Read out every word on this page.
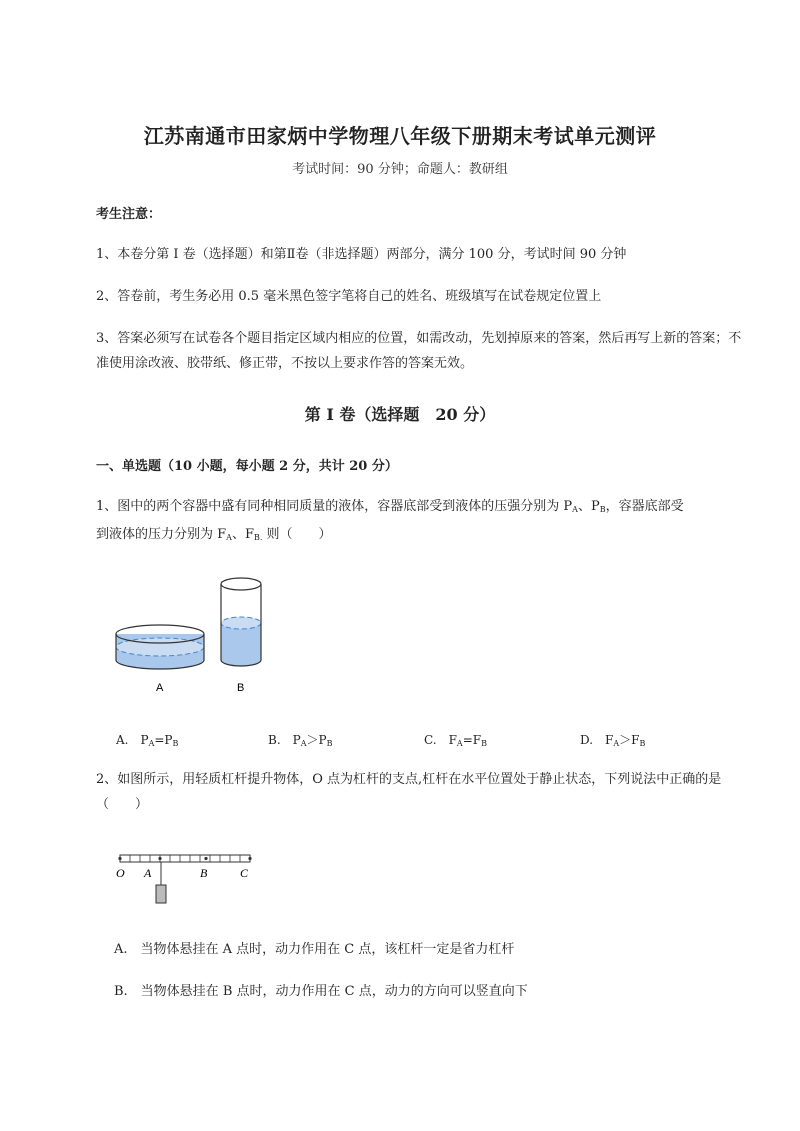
江苏南通市田家炳中学物理八年级下册期末考试单元测评
考试时间：90 分钟；命题人：教研组
考生注意：
1、本卷分第 I 卷（选择题）和第Ⅱ卷（非选择题）两部分，满分 100 分，考试时间 90 分钟
2、答卷前，考生务必用 0.5 毫米黑色签字笔将自己的姓名、班级填写在试卷规定位置上
3、答案必须写在试卷各个题目指定区域内相应的位置，如需改动，先划掉原来的答案，然后再写上新的答案；不准使用涂改液、胶带纸、修正带，不按以上要求作答的答案无效。
第 I 卷（选择题　20 分）
一、单选题（10 小题，每小题 2 分，共计 20 分）
1、图中的两个容器中盛有同种相同质量的液体，容器底部受到液体的压强分别为 $P_A$、$P_B$，容器底部受
到液体的压力分别为 $F_A$、$F_{B.}$ 则（　　）
A	B
A.　$P_A=P_B$	B.　$P_A>P_B$	C.　$F_A=F_B$	D.　$F_A>F_B$
2、如图所示，用轻质杠杆提升物体，O 点为杠杆的支点,杠杆在水平位置处于静止状态，下列说法中正确的是（　　）
O A	B	C
A.　当物体悬挂在 A 点时，动力作用在 C 点，该杠杆一定是省力杠杆
B.　当物体悬挂在 B 点时，动力作用在 C 点，动力的方向可以竖直向下
